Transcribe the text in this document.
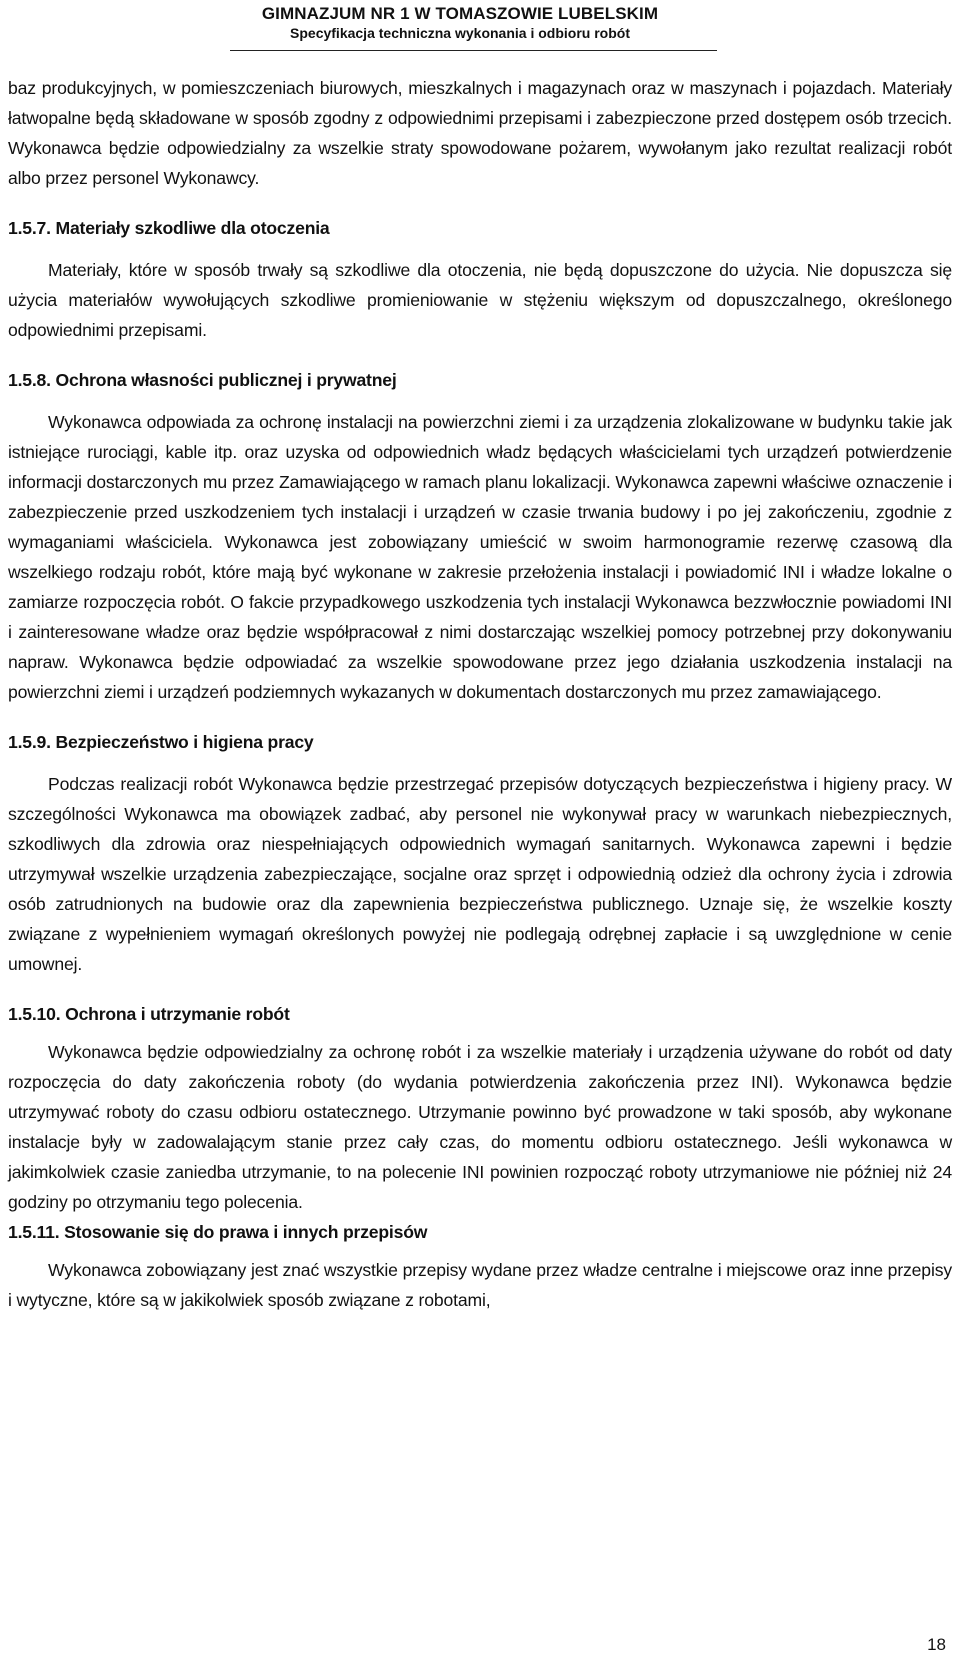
GIMNAZJUM NR 1 W TOMASZOWIE LUBELSKIM
Specyfikacja techniczna wykonania i odbioru robót

baz produkcyjnych, w pomieszczeniach biurowych, mieszkalnych i magazynach oraz w maszynach i pojazdach. Materiały łatwopalne będą składowane w sposób zgodny z odpowiednimi przepisami i zabezpieczone przed dostępem osób trzecich. Wykonawca będzie odpowiedzialny za wszelkie straty spowodowane pożarem, wywołanym jako rezultat realizacji robót albo przez personel Wykonawcy.

1.5.7. Materiały szkodliwe dla otoczenia

Materiały, które w sposób trwały są szkodliwe dla otoczenia, nie będą dopuszczone do użycia. Nie dopuszcza się użycia materiałów wywołujących szkodliwe promieniowanie w stężeniu większym od dopuszczalnego, określonego odpowiednimi przepisami.

1.5.8. Ochrona własności publicznej i prywatnej

Wykonawca odpowiada za ochronę instalacji na powierzchni ziemi i za urządzenia zlokalizowane w budynku takie jak istniejące rurociągi, kable itp. oraz uzyska od odpowiednich władz będących właścicielami tych urządzeń potwierdzenie informacji dostarczonych mu przez Zamawiającego w ramach planu lokalizacji. Wykonawca zapewni właściwe oznaczenie i zabezpieczenie przed uszkodzeniem tych instalacji i urządzeń w czasie trwania budowy i po jej zakończeniu, zgodnie z wymaganiami właściciela. Wykonawca jest zobowiązany umieścić w swoim harmonogramie rezerwę czasową dla wszelkiego rodzaju robót, które mają być wykonane w zakresie przełożenia instalacji i powiadomić INI i władze lokalne o zamiarze rozpoczęcia robót. O fakcie przypadkowego uszkodzenia tych instalacji Wykonawca bezzwłocznie powiadomi INI i zainteresowane władze oraz będzie współpracował z nimi dostarczając wszelkiej pomocy potrzebnej przy dokonywaniu napraw. Wykonawca będzie odpowiadać za wszelkie spowodowane przez jego działania uszkodzenia instalacji na powierzchni ziemi i urządzeń podziemnych wykazanych w dokumentach dostarczonych mu przez zamawiającego.

1.5.9. Bezpieczeństwo i higiena pracy

Podczas realizacji robót Wykonawca będzie przestrzegać przepisów dotyczących bezpieczeństwa i higieny pracy. W szczególności Wykonawca ma obowiązek zadbać, aby personel nie wykonywał pracy w warunkach niebezpiecznych, szkodliwych dla zdrowia oraz niespełniających odpowiednich wymagań sanitarnych. Wykonawca zapewni i będzie utrzymywał wszelkie urządzenia zabezpieczające, socjalne oraz sprzęt i odpowiednią odzież dla ochrony życia i zdrowia osób zatrudnionych na budowie oraz dla zapewnienia bezpieczeństwa publicznego. Uznaje się, że wszelkie koszty związane z wypełnieniem wymagań określonych powyżej nie podlegają odrębnej zapłacie i są uwzględnione w cenie umownej.

1.5.10. Ochrona i utrzymanie robót

Wykonawca będzie odpowiedzialny za ochronę robót i za wszelkie materiały i urządzenia używane do robót od daty rozpoczęcia do daty zakończenia roboty (do wydania potwierdzenia zakończenia przez INI). Wykonawca będzie utrzymywać roboty do czasu odbioru ostatecznego. Utrzymanie powinno być prowadzone w taki sposób, aby wykonane instalacje były w zadowalającym stanie przez cały czas, do momentu odbioru ostatecznego. Jeśli wykonawca w jakimkolwiek czasie zaniedba utrzymanie, to na polecenie INI powinien rozpocząć roboty utrzymaniowe nie później niż 24 godziny po otrzymaniu tego polecenia.

1.5.11. Stosowanie się do prawa i innych przepisów

Wykonawca zobowiązany jest znać wszystkie przepisy wydane przez władze centralne i miejscowe oraz inne przepisy i wytyczne, które są w jakikolwiek sposób związane z robotami,

18
